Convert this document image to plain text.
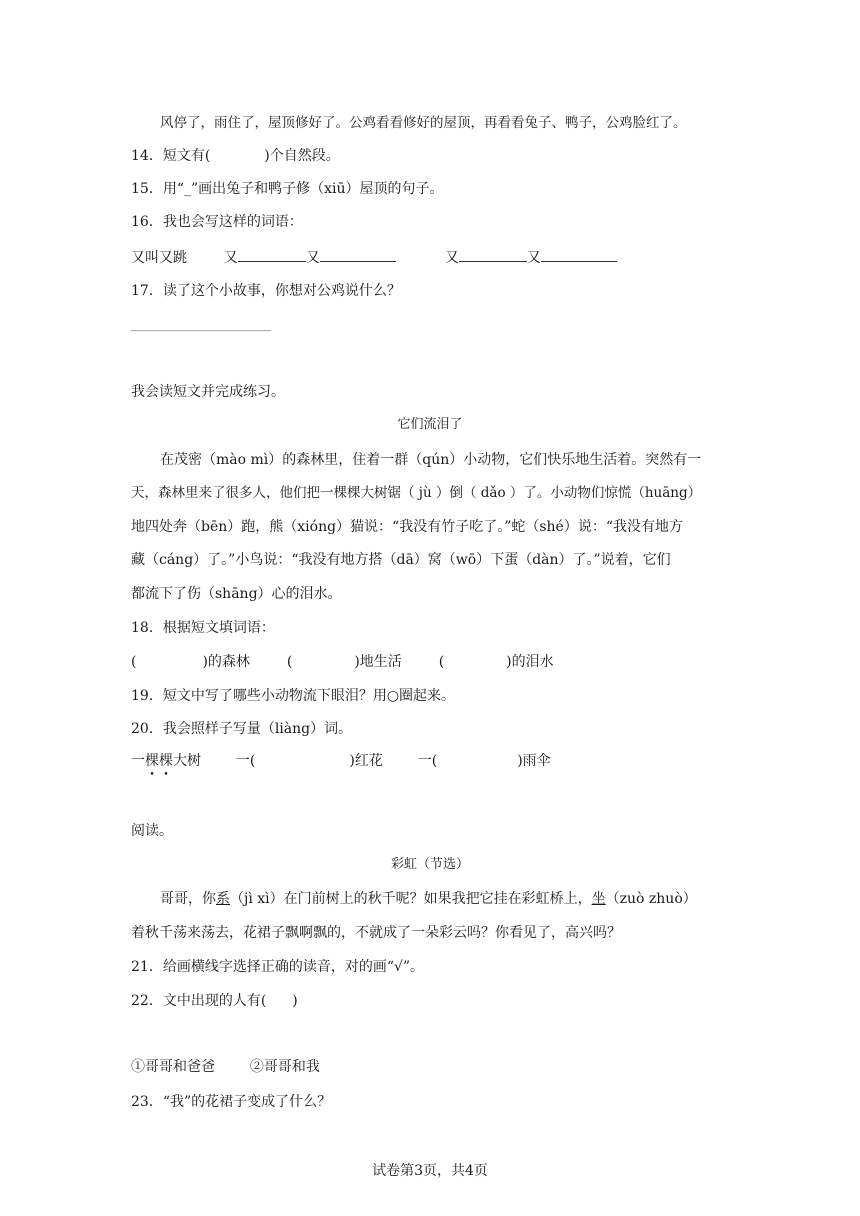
风停了，雨住了，屋顶修好了。公鸡看看修好的屋顶，再看看兔子、鸭子，公鸡脸红了。
14．短文有(	)个自然段。
15．用“_”画出兔子和鸭子修（xiū）屋顶的句子。
16．我也会写这样的词语：
又叫又跳	又	又	又	又
17．读了这个小故事，你想对公鸡说什么？
____________________
我会读短文并完成练习。
它们流泪了
在茂密（mào mì）的森林里，住着一群（qún）小动物，它们快乐地生活着。突然有一
天，森林里来了很多人，他们把一棵棵大树锯（ jù ）倒（ dǎo ）了。小动物们惊慌（huāng）
地四处奔（bēn）跑，熊（xióng）猫说：“我没有竹子吃了。”蛇（shé）说：“我没有地方
藏（cáng）了。”小鸟说：“我没有地方搭（dā）窝（wō）下蛋（dàn）了。”说着，它们
都流下了伤（shāng）心的泪水。
18．根据短文填词语：
(	)的森林	(	)地生活	(	)的泪水
19．短文中写了哪些小动物流下眼泪？用○圈起来。
20．我会照样子写量（liàng）词。
一棵棵大树 一(	)红花 一(	)雨伞
阅读。
彩虹（节选）
哥哥，你系（jì xì）在门前树上的秋千呢？如果我把它挂在彩虹桥上，坐（zuò zhuò）
着秋千荡来荡去，花裙子飘啊飘的，不就成了一朵彩云吗？你看见了，高兴吗？
21．给画横线字选择正确的读音，对的画“√”。
22．文中出现的人有( )
①哥哥和爸爸 ②哥哥和我
23．“我”的花裙子变成了什么？
试卷第3页，共4页
